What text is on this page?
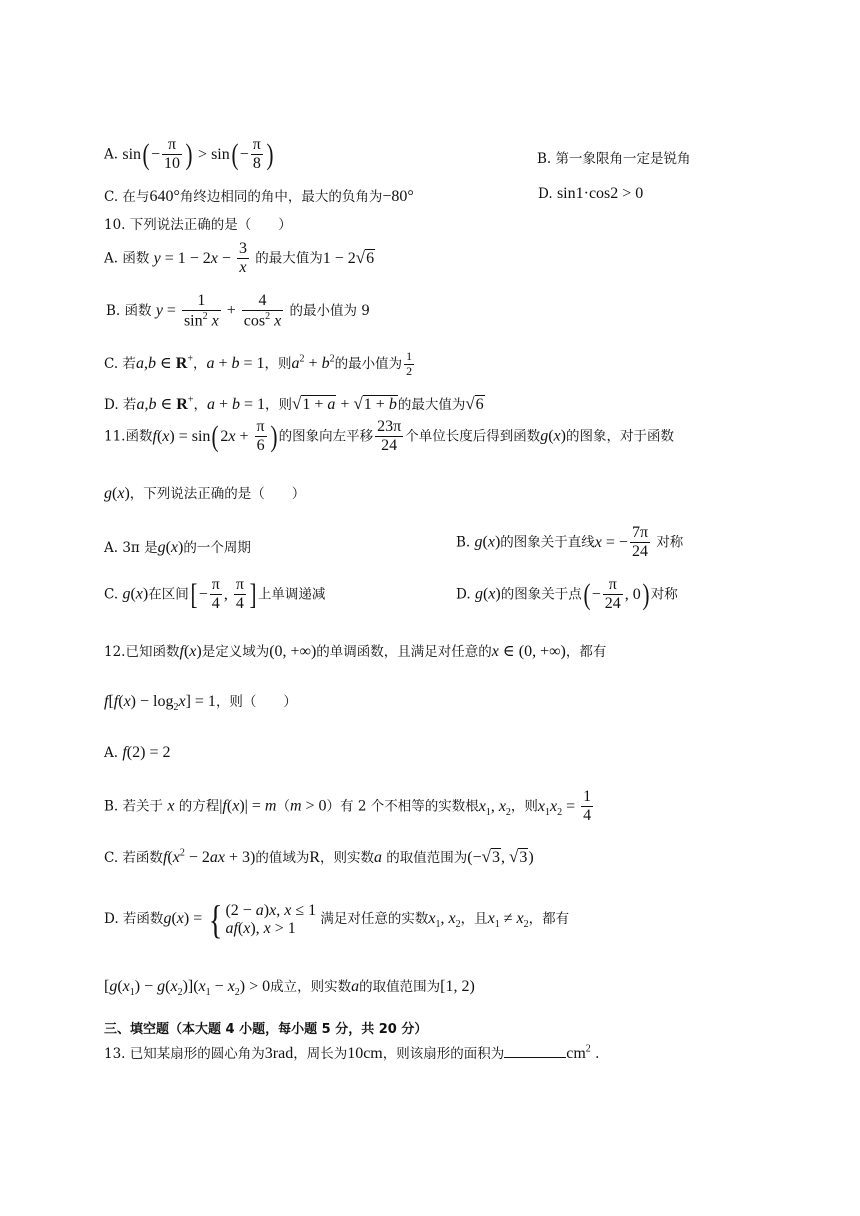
A. $\sin(- \frac{\pi}{10}$ ) > $\sin(- \frac{\pi}{8}$ )	B. 第一象限角一定是锐角
C. 在与640°角终边相同的角中，最大的负角为−80°	D. sin1·cos2 > 0
10. 下列说法正确的是（　　）
A. 函数 $y = 1 - 2x - \frac{3}{x}$ 的最大值为1 − 2√6
B. 函数 $y = \frac{1}{\sin^2 x} + \frac{4}{\cos^2 x}$ 的最小值为 9
C. 若a,b ∈ R+，a + b = 1，则$a^2 + b^2$的最小值为 $\frac{1}{2}$
D. 若a,b ∈ R+，a + b = 1，则√1 + a + √1 + b的最大值为√6
11.函数$f(x) = \sin(2x + \frac{\pi}{6}$ ) 的图象向左平移 $\frac{23\pi}{24}$ 个单位长度后得到函数g(x)的图象，对于函数
g(x)，下列说法正确的是（　　）
A. 3π 是g(x)的一个周期	B. g(x)的图象关于直线x = − $\frac{7\pi}{24}$ 对称
C. g(x)在区间[− $\frac{\pi}{4}$ , $\frac{\pi}{4}$ ] 上单调递减	D. g(x)的图象关于点(− $\frac{\pi}{24}$ , 0) 对称
12.已知函数f(x)是定义域为(0, +∞)的单调函数，且满足对任意的x ∈ (0, +∞)，都有
$f[f(x) - \log_2x] = 1$，则（　　）
A. f(2) = 2
B. 若关于 x 的方程|f(x)| = m（m > 0）有 2 个不相等的实数根$x_1$, $x_2$，则$x_1x_2 = \frac{1}{4}$
C. 若函数$f(x^2 - 2ax + 3)$的值域为R，则实数a 的取值范围为(−√3, √3)
D. 若函数g(x) = { (2 − a)x, x ≤ 1
af(x), x > 1
满足对任意的实数$x_1$, $x_2$，且$x_1 \ne x_2$，都有
$[g(x_1) - g(x_2)](x_1 - x_2) > 0$成立，则实数a的取值范围为[1, 2)
三、填空题（本大题 4 小题，每小题 5 分，共 20 分）
13. 已知某扇形的圆心角为3rad，周长为10cm，则该扇形的面积为	$cm^2$ .
